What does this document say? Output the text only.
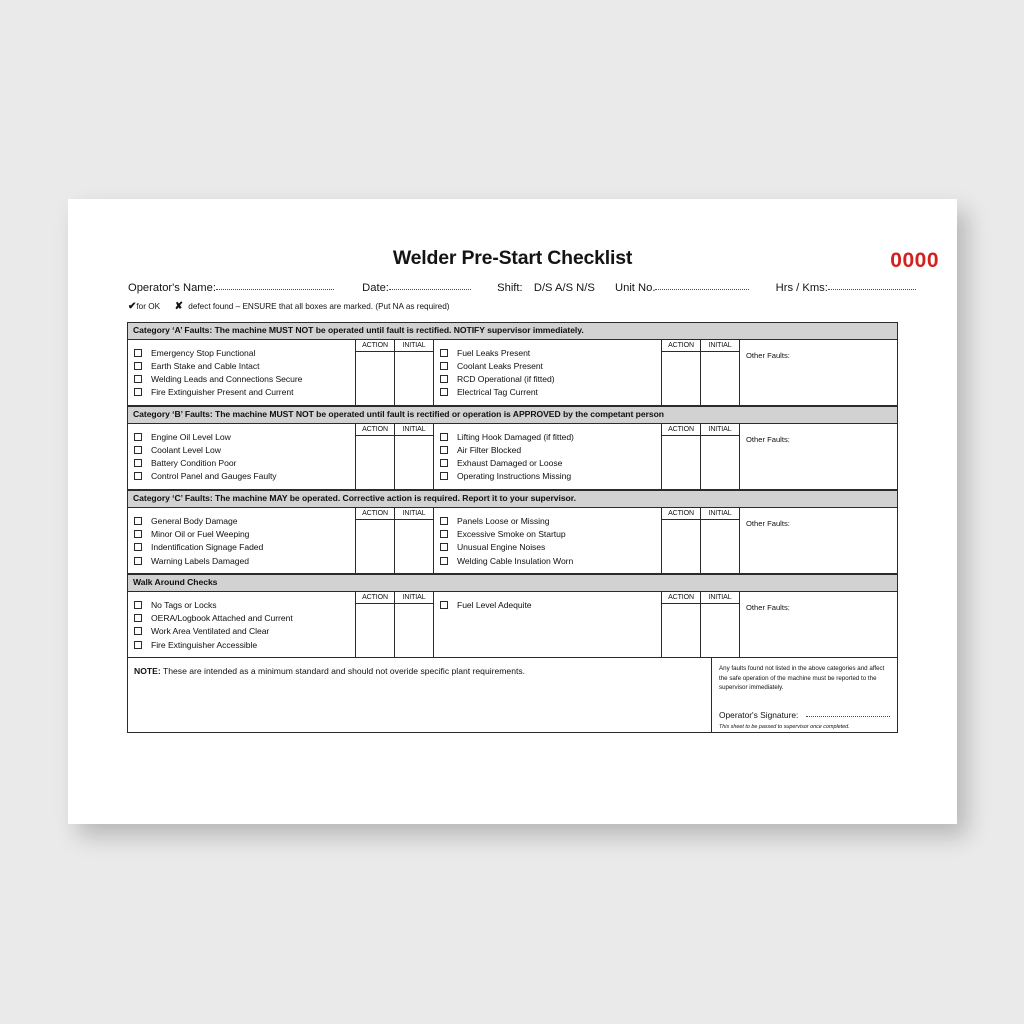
Welder Pre-Start Checklist	0000
Operator's Name:	Date:	Shift: D/S A/S N/S Unit No.	Hrs / Kms:
✔for OK ✘ defect found – ENSURE that all boxes are marked. (Put NA as required)
Category ‘A’ Faults: The machine MUST NOT be operated until fault is rectified. NOTIFY supervisor immediately.
Emergency Stop Functional
Earth Stake and Cable Intact
Welding Leads and Connections Secure
Fire Extinguisher Present and Current
ACTION	INITIAL
Fuel Leaks Present
Coolant Leaks Present
RCD Operational (if fitted)
Electrical Tag Current
ACTION	INITIAL
Other Faults:
Category ‘B’ Faults: The machine MUST NOT be operated until fault is rectified or operation is APPROVED by the competant person
Engine Oil Level Low
Coolant Level Low
Battery Condition Poor
Control Panel and Gauges Faulty
ACTION	INITIAL
Lifting Hook Damaged (if fitted)
Air Filter Blocked
Exhaust Damaged or Loose
Operating Instructions Missing
ACTION	INITIAL
Other Faults:
Category ‘C’ Faults: The machine MAY be operated. Corrective action is required. Report it to your supervisor.
General Body Damage
Minor Oil or Fuel Weeping
Indentification Signage Faded
Warning Labels Damaged
ACTION	INITIAL
Panels Loose or Missing
Excessive Smoke on Startup
Unusual Engine Noises
Welding Cable Insulation Worn
ACTION	INITIAL
Other Faults:
Walk Around Checks
No Tags or Locks
OERA/Logbook Attached and Current
Work Area Ventilated and Clear
Fire Extinguisher Accessible
ACTION	INITIAL
Fuel Level Adequite
ACTION	INITIAL
Other Faults:
NOTE: These are intended as a minimum standard and should not overide specific plant requirements.	Any faults found not listed in the above categories and affect the safe operation of the machine must be reported to the supervisor immediately.
Operator's Signature:
This sheet to be passed to supervisor once completed.
